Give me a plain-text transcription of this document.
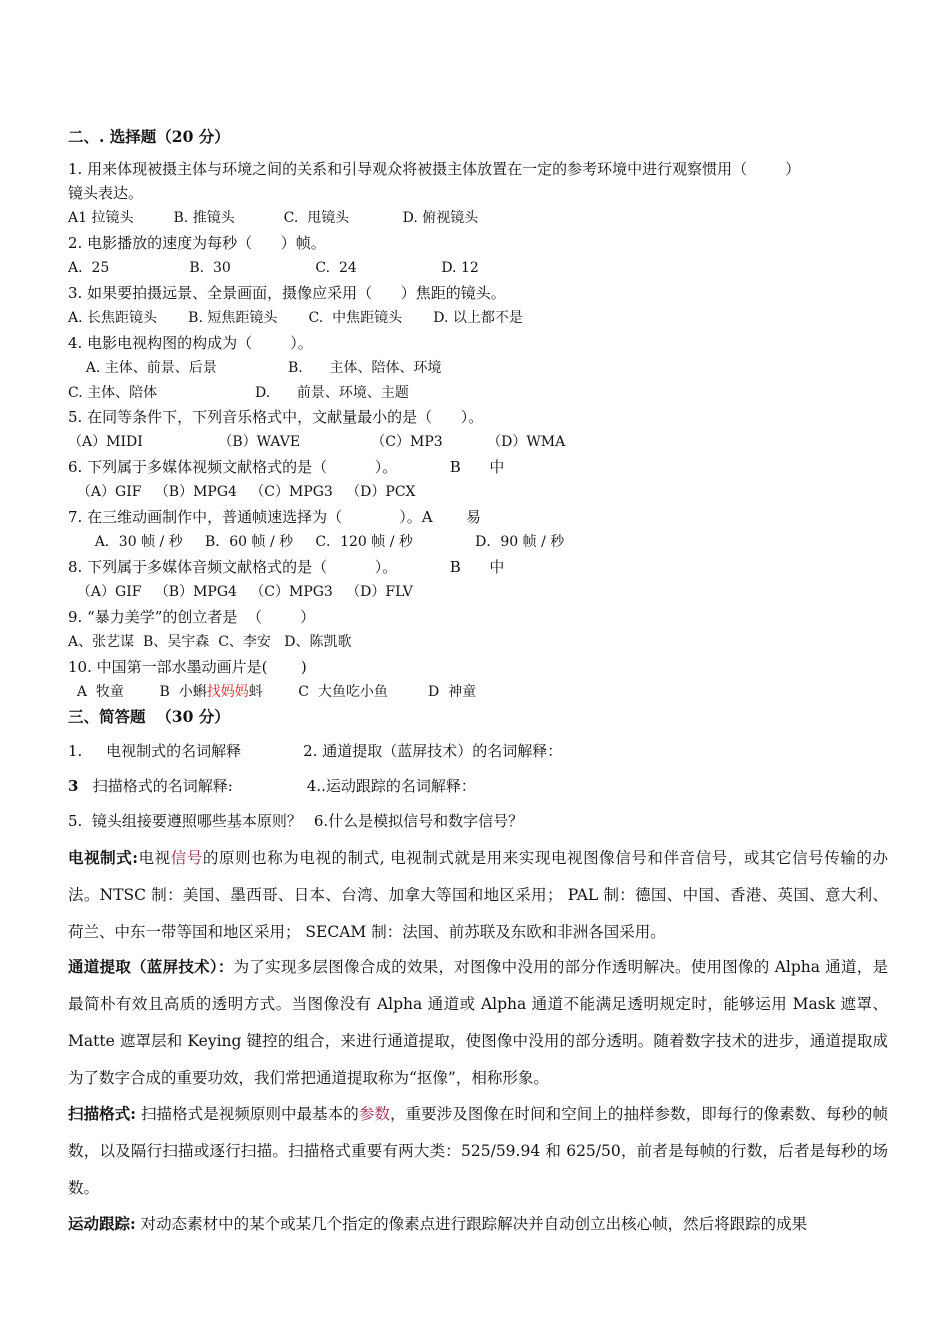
二、. 选择题（20 分）
1. 用来体现被摄主体与环境之间的关系和引导观众将被摄主体放置在一定的参考环境中进行观察惯用（        ）
镜头表达。
A1 拉镜头         B. 推镜头           C.  甩镜头            D. 俯视镜头
2. 电影播放的速度为每秒（      ）帧。
A.  25                  B.  30                   C.  24                   D. 12
3. 如果要拍摄远景、全景画面，摄像应采用（      ）焦距的镜头。
A. 长焦距镜头       B. 短焦距镜头       C.  中焦距镜头       D. 以上都不是
4. 电影电视构图的构成为（        ）。
A. 主体、前景、后景                B.      主体、陪体、环境
C. 主体、陪体                      D.      前景、环境、主题
5. 在同等条件下，下列音乐格式中，文献量最小的是（      ）。
（A）MIDI                 （B）WAVE                （C）MP3          （D）WMA
6. 下列属于多媒体视频文献格式的是（          ）。           B      中
（A）GIF   （B）MPG4   （C）MPG3   （D）PCX
7. 在三维动画制作中，普通帧速选择为（            ）。A       易
A．30 帧 / 秒     B．60 帧 / 秒     C．120 帧 / 秒              D．90 帧 / 秒
8. 下列属于多媒体音频文献格式的是（          ）。           B      中
（A）GIF   （B）MPG4   （C）MPG3   （D）FLV
9. “暴力美学”的创立者是  （        ）
A、张艺谋  B、吴宇森  C、李安   D、陈凯歌
10. 中国第一部水墨动画片是(       )
A  牧童        B  小蝌找妈妈蚪        C  大鱼吃小鱼         D  神童
三、简答题  （30 分）
1.     电视制式的名词解释	2. 通道提取（蓝屏技术）的名词解释：
3   扫描格式的名词解释:	4..运动跟踪的名词解释：
5.  镜头组接要遵照哪些基本原则？ 6.什么是模拟信号和数字信号？
电视制式:电视信号的原则也称为电视的制式, 电视制式就是用来实现电视图像信号和伴音信号，或其它信号传输的办法。NTSC 制：美国、墨西哥、日本、台湾、加拿大等国和地区采用； PAL 制：德国、中国、香港、英国、意大利、荷兰、中东一带等国和地区采用； SECAM 制：法国、前苏联及东欧和非洲各国采用。
通道提取（蓝屏技术）：为了实现多层图像合成的效果，对图像中没用的部分作透明解决。使用图像的 Alpha 通道，是最简朴有效且高质的透明方式。当图像没有 Alpha 通道或 Alpha 通道不能满足透明规定时，能够运用 Mask 遮罩、 Matte 遮罩层和 Keying 键控的组合，来进行通道提取，使图像中没用的部分透明。随着数字技术的进步，通道提取成为了数字合成的重要功效，我们常把通道提取称为“抠像”，相称形象。
扫描格式: 扫描格式是视频原则中最基本的参数，重要涉及图像在时间和空间上的抽样参数，即每行的像素数、每秒的帧数，以及隔行扫描或逐行扫描。扫描格式重要有两大类：525/59.94 和 625/50，前者是每帧的行数，后者是每秒的场数。
运动跟踪: 对动态素材中的某个或某几个指定的像素点进行跟踪解决并自动创立出核心帧，然后将跟踪的成果
